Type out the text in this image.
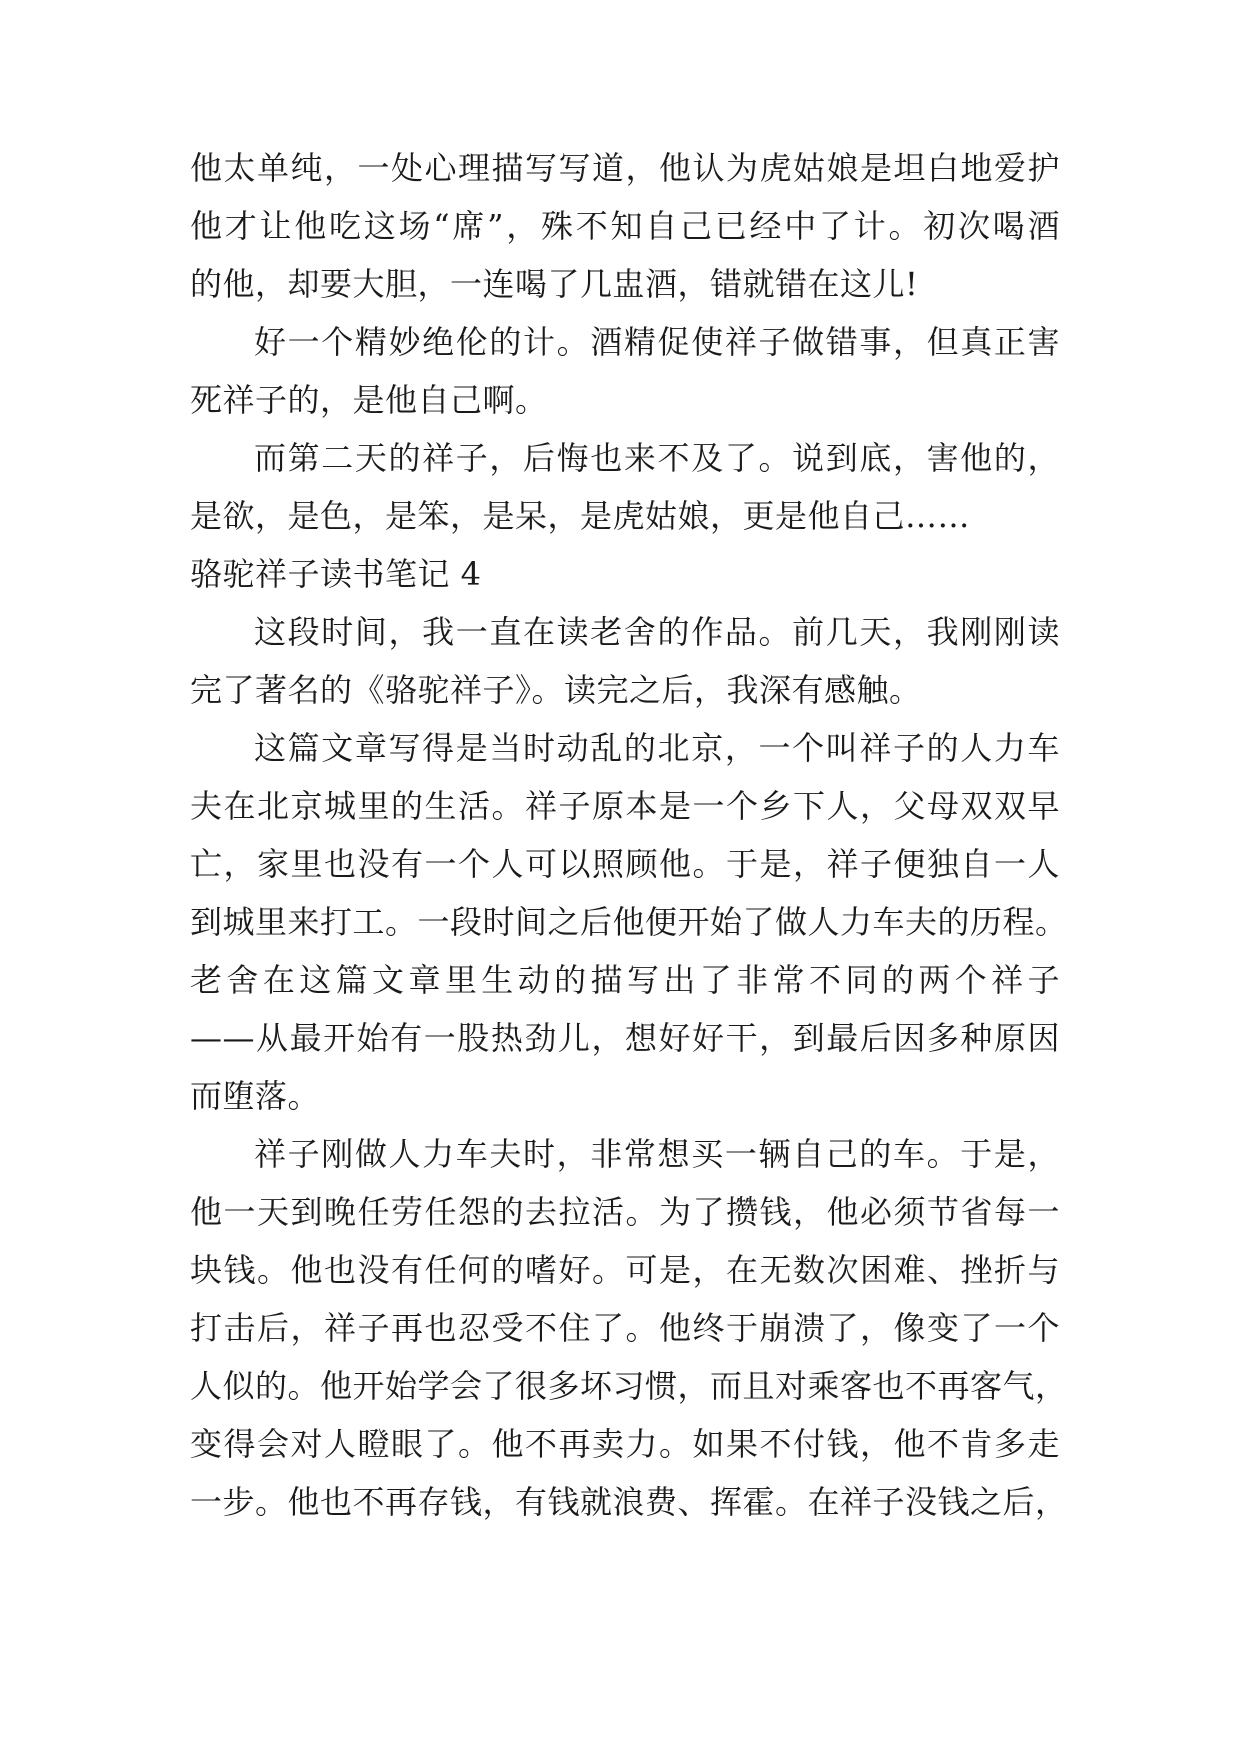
他太单纯，一处心理描写写道，他认为虎姑娘是坦白地爱护
他才让他吃这场“席”，殊不知自己已经中了计。初次喝酒
的他，却要大胆，一连喝了几盅酒，错就错在这儿!
好一个精妙绝伦的计。酒精促使祥子做错事，但真正害
死祥子的，是他自己啊。
而第二天的祥子，后悔也来不及了。说到底，害他的，
是欲，是色，是笨，是呆，是虎姑娘，更是他自己……
骆驼祥子读书笔记 4
这段时间，我一直在读老舍的作品。前几天，我刚刚读
完了著名的《骆驼祥子》。读完之后，我深有感触。
这篇文章写得是当时动乱的北京，一个叫祥子的人力车
夫在北京城里的生活。祥子原本是一个乡下人，父母双双早
亡，家里也没有一个人可以照顾他。于是，祥子便独自一人
到城里来打工。一段时间之后他便开始了做人力车夫的历程。
老舍在这篇文章里生动的描写出了非常不同的两个祥子
——从最开始有一股热劲儿，想好好干，到最后因多种原因
而堕落。
祥子刚做人力车夫时，非常想买一辆自己的车。于是，
他一天到晚任劳任怨的去拉活。为了攒钱，他必须节省每一
块钱。他也没有任何的嗜好。可是，在无数次困难、挫折与
打击后，祥子再也忍受不住了。他终于崩溃了，像变了一个
人似的。他开始学会了很多坏习惯，而且对乘客也不再客气，
变得会对人瞪眼了。他不再卖力。如果不付钱，他不肯多走
一步。他也不再存钱，有钱就浪费、挥霍。在祥子没钱之后，
